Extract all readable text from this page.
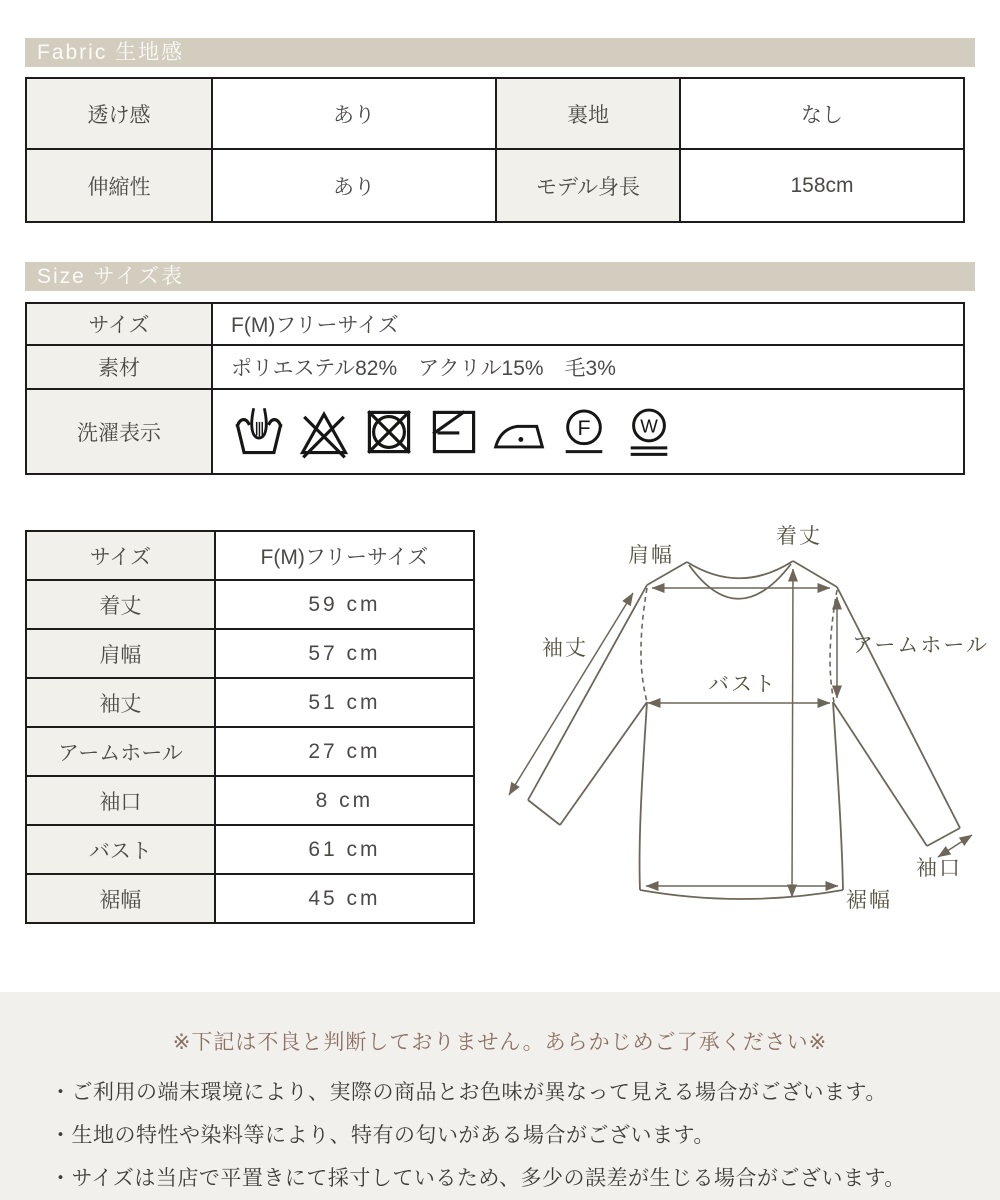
Fabric 生地感
透け感	あり	裏地	なし
伸縮性	あり	モデル身長	158cm
Size サイズ表
サイズ	F(M)フリーサイズ
素材	ポリエステル82%　アクリル15%　毛3%
洗濯表示	F W
サイズ	F(M)フリーサイズ
着丈	59 cm
肩幅	57 cm
袖丈	51 cm
アームホール	27 cm
袖口	8 cm
バスト	61 cm
裾幅	45 cm
着丈
肩幅
袖丈	アームホール
バスト
袖口
裾幅

※下記は不良と判断しておりません。あらかじめご了承ください※

・ご利用の端末環境により、実際の商品とお色味が異なって見える場合がございます。

・生地の特性や染料等により、特有の匂いがある場合がございます。

・サイズは当店で平置きにて採寸しているため、多少の誤差が生じる場合がございます。
